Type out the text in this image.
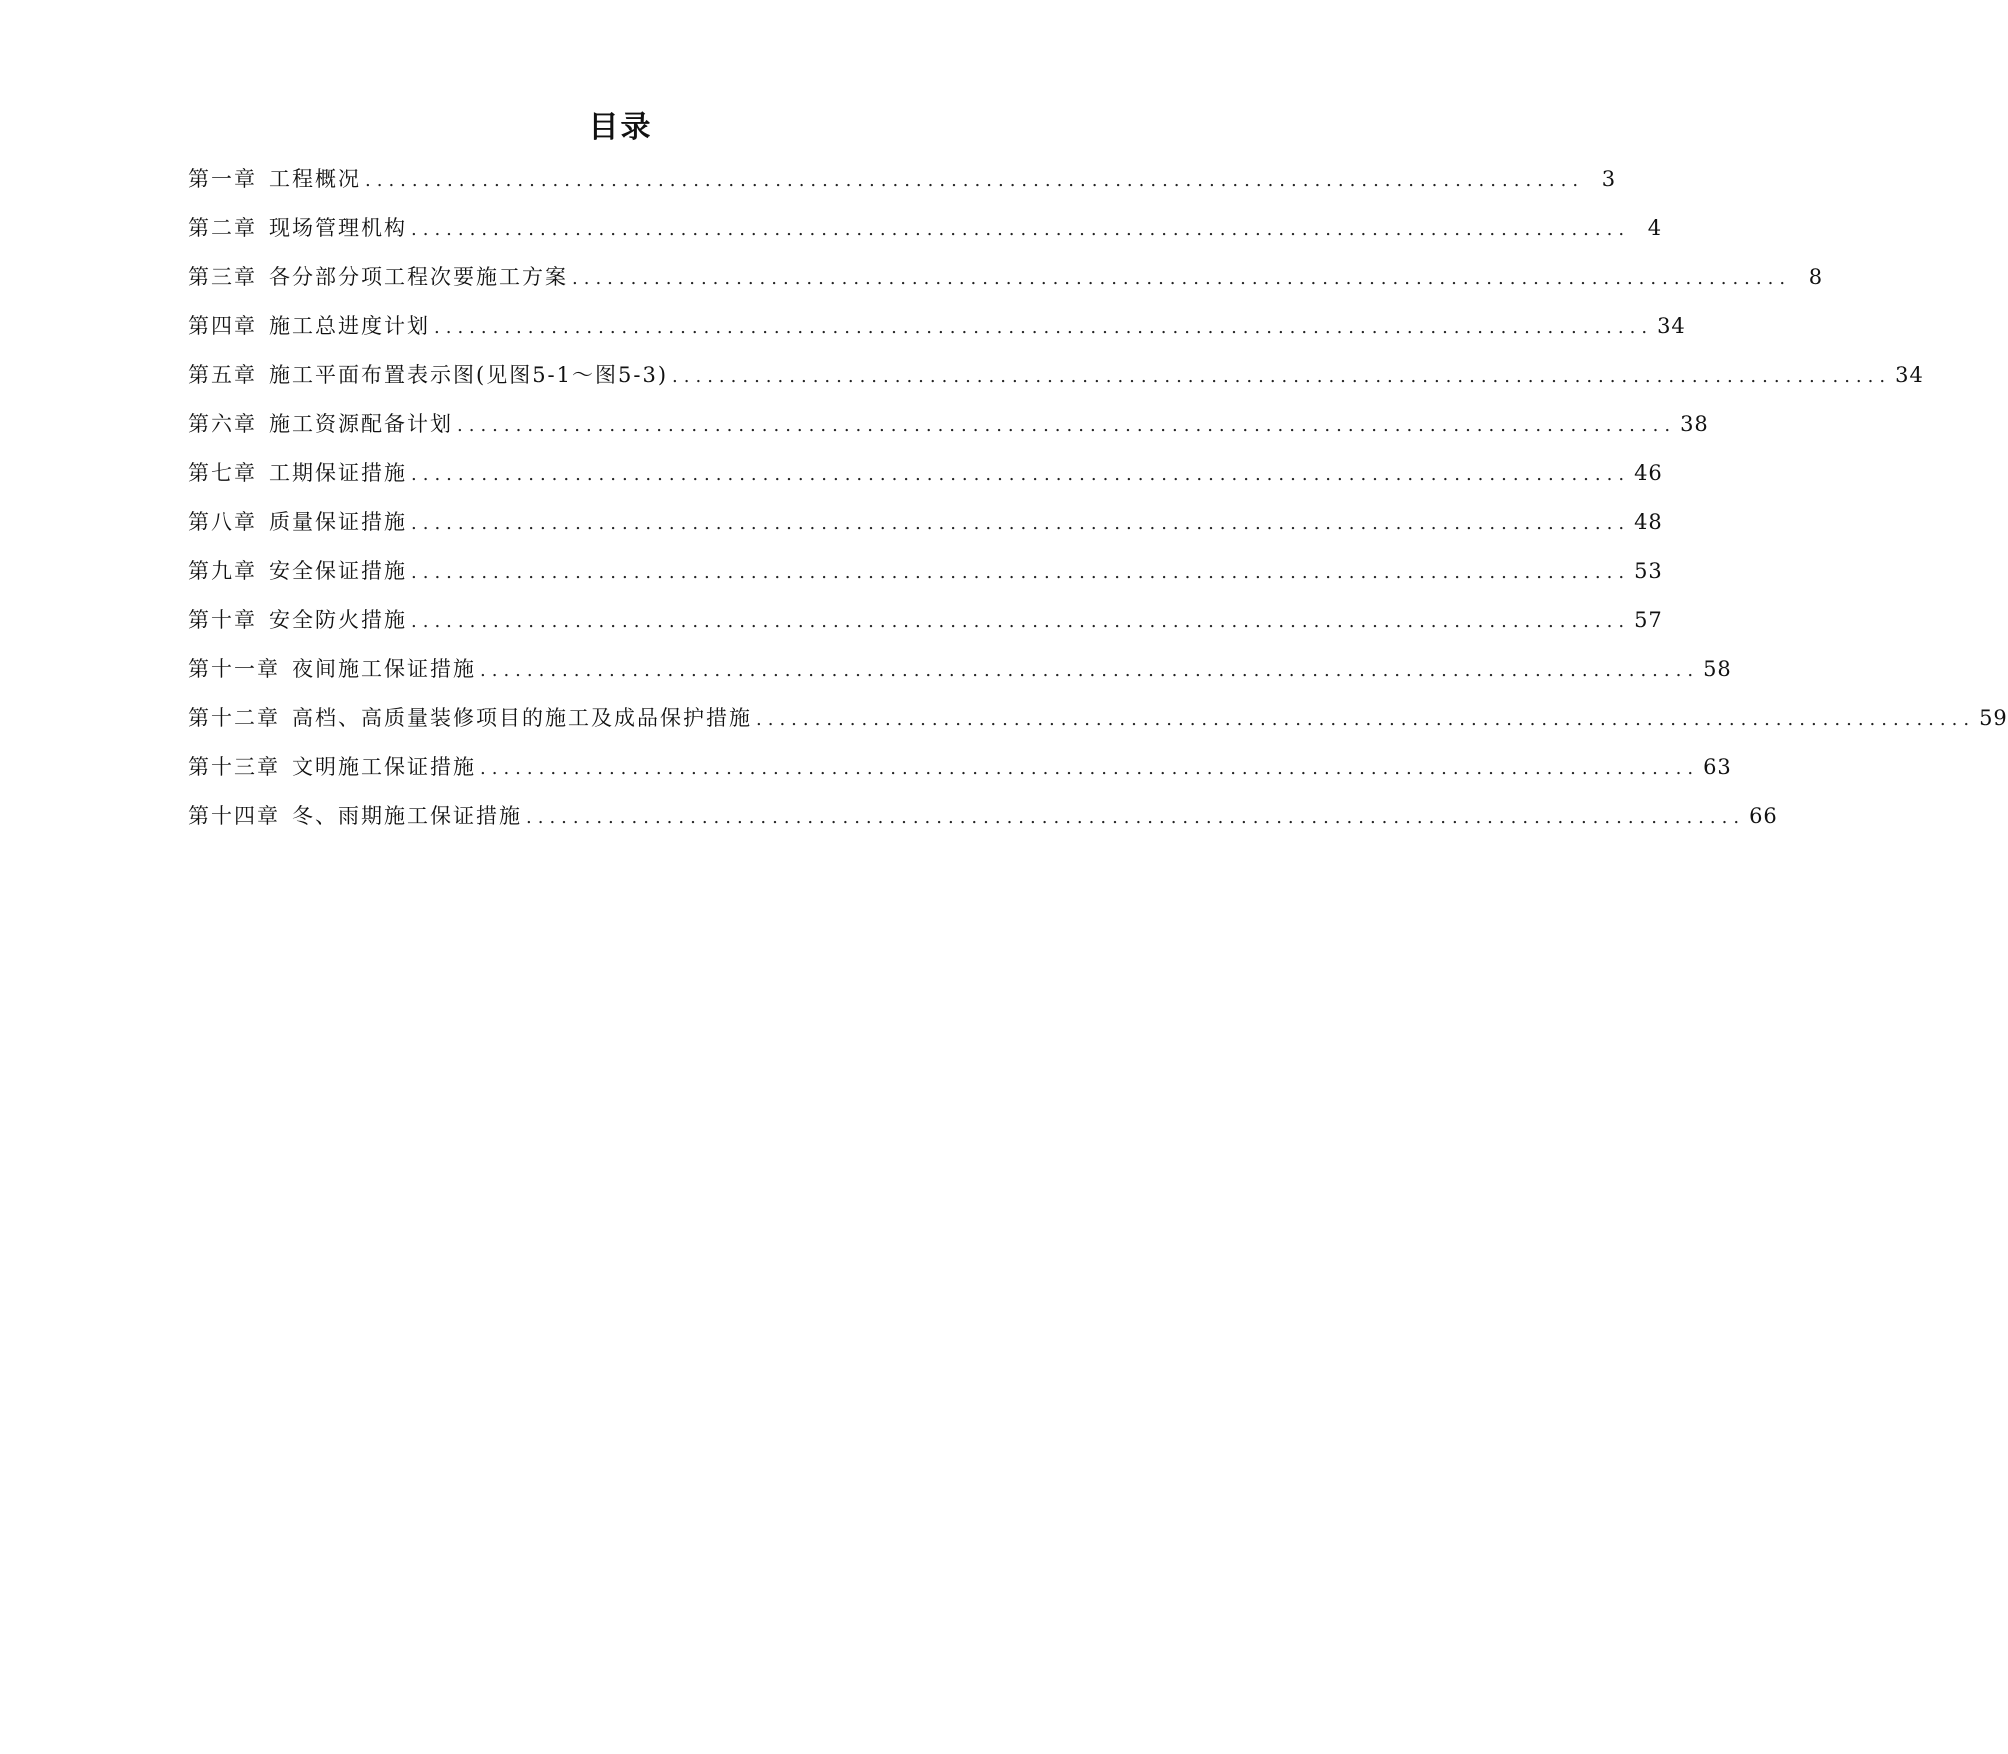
目录
第一章 工程概况 ........................................................................................................ 3
第二章 现场管理机构 ........................................................................................................ 4
第三章 各分部分项工程次要施工方案 ........................................................................................................ 8
第四章 施工总进度计划 ........................................................................................................ 34
第五章 施工平面布置表示图(见图5-1～图5-3) ........................................................................................................ 34
第六章 施工资源配备计划 ........................................................................................................ 38
第七章 工期保证措施 ........................................................................................................ 46
第八章 质量保证措施 ........................................................................................................ 48
第九章 安全保证措施 ........................................................................................................ 53
第十章 安全防火措施 ........................................................................................................ 57
第十一章 夜间施工保证措施 ........................................................................................................ 58
第十二章 高档、高质量装修项目的施工及成品保护措施 ........................................................................................................ 59
第十三章 文明施工保证措施 ........................................................................................................ 63
第十四章 冬、雨期施工保证措施 ........................................................................................................ 66
